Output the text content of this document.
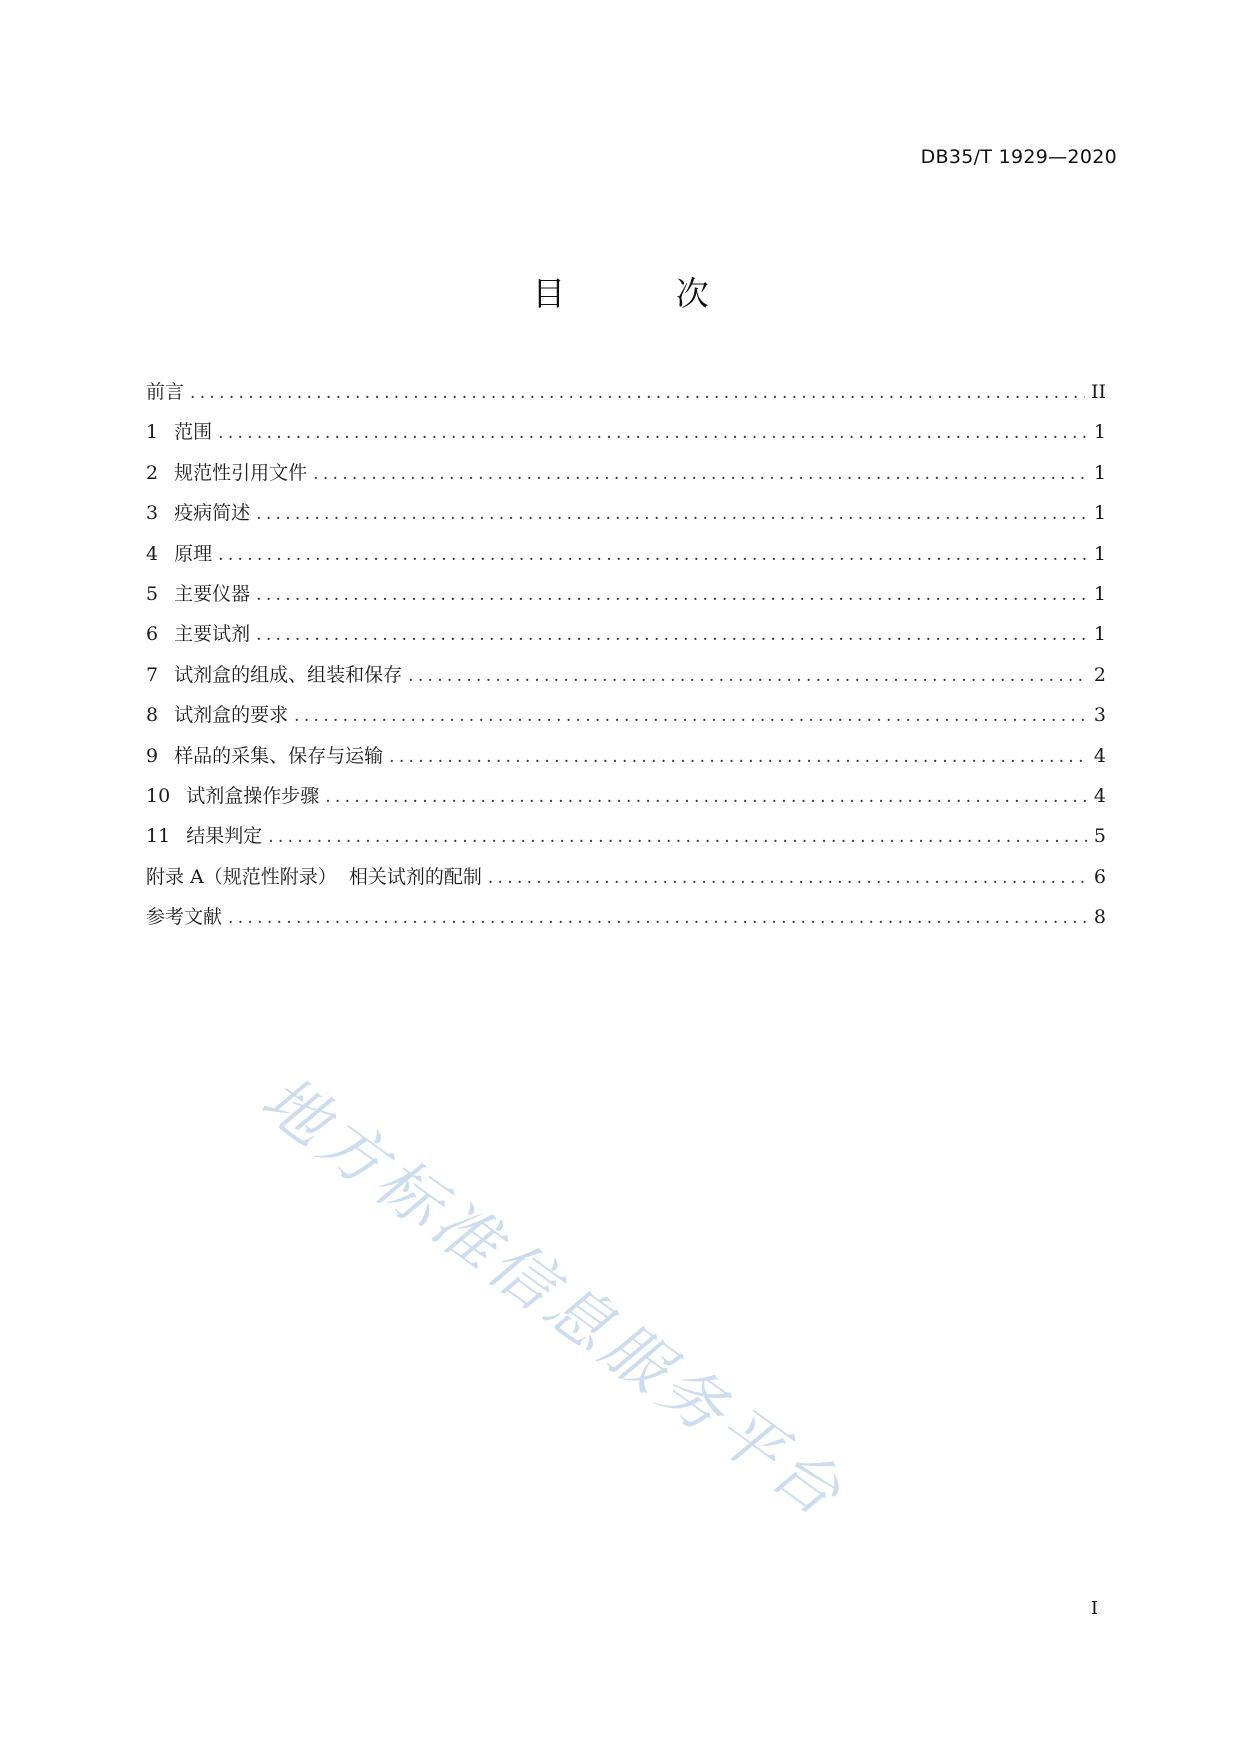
DB35/T 1929—2020
目 次
前言 .....	II
1 范围 .....	1
2 规范性引用文件 .....	1
3 疫病简述 .....	1
4 原理 .....	1
5 主要仪器 .....	1
6 主要试剂 .....	1
7 试剂盒的组成、组装和保存 .....	2
8 试剂盒的要求 .....	3
9 样品的采集、保存与运输 .....	4
10 试剂盒操作步骤 .....	4
11 结果判定 .....	5
附录 A（规范性附录）  相关试剂的配制 .....	6
参考文献 .....	8
地方标准信息服务平台
I
